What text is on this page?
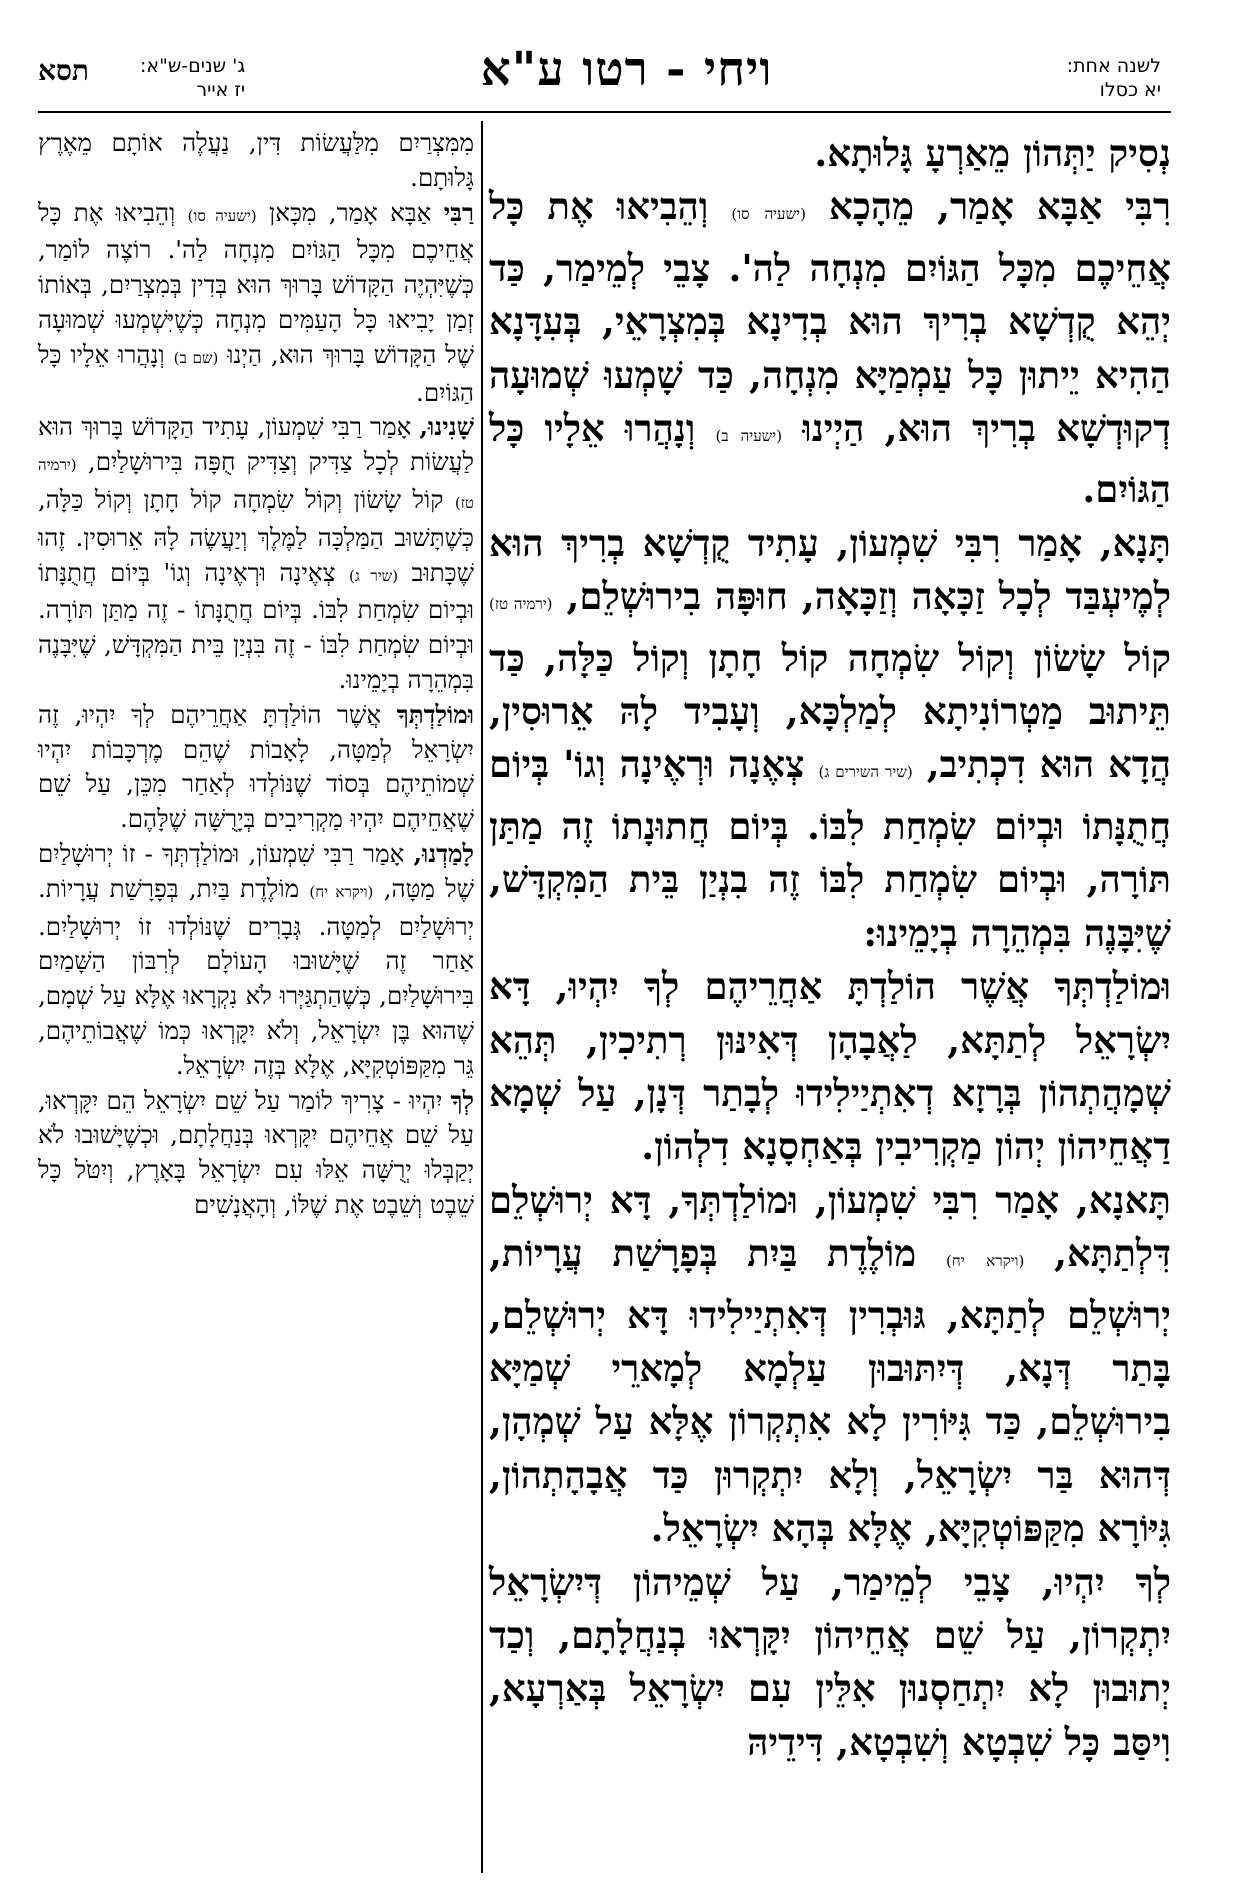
לשנה אחת:
יא כסלו
ויחי - רטו ע"א
ג' שנים-ש"א:
יז אייר
תסא

נְסִיק יַתְּהוֹן מֵאַרְעָ גָּלוּתָא.

רִבִּי אַבָּא אָמַר, מֵהָכָא (ישעיה סו) וְהֵבִיאוּ אֶת כָּל אֲחֵיכֶם מִכָּל הַגּוֹיִם מִנְחָה לַה'. צָבֵי לְמֵימַר, כַּד יְהֵא קֻדְשָׁא בְרִיךְ הוּא בְדִינָא בְּמִצְרָאֵי, בְּעִדָּנָא הַהִיא יֵיתוּן כָּל עַמְמַיָּא מִנְחָה, כַּד שָׁמְעוּ שְׁמוּעָה דְקוּדְשָׁא בְרִיךְ הוּא, הַיְינוּ (ישעיה ב) וְנָהֲרוּ אֵלָיו כָּל הַגּוֹיִם.

תָּנָא, אָמַר רִבִּי שִׁמְעוֹן, עָתִיד קֻדְשָׁא בְרִיךְ הוּא לְמֶיעְבַּד לְכָל זַכָּאָה וְזַכָּאָה, חוּפָּה בִירוּשְׁלֵם, (ירמיה טז) קוֹל שָׂשׂוֹן וְקוֹל שִׂמְחָה קוֹל חָתָן וְקוֹל כַּלָּה, כַּד תֵּיתוּב מַטְרוֹנִיתָא לְמַלְכָּא, וְעָבִיד לָהּ אֵרוּסִין, הֲדָא הוּא דִכְתִיב, (שיר השירים ג) צְאֶנָה וּרְאֶינָה וְגוֹ' בְּיוֹם חֲתֻנָּתוֹ וּבְיוֹם שִׂמְחַת לִבּוֹ. בְּיוֹם חֲתוּנָתוֹ זֶה מַתַּן תּוֹרָה, וּבְיוֹם שִׂמְחַת לִבּוֹ זֶה בִנְיַן בֵּית הַמִּקְדָּשׁ, שֶׁיִּבָּנֶה בִּמְהֵרָה בְיָמֵינוּ:

וּמוֹלַדְתְּךָ אֲשֶׁר הוֹלַדְתָּ אַחֲרֵיהֶם לְךָ יִהְיוּ, דָּא יִשְׂרָאֵל לְתַתָּא, לַאֲבָהָן דְּאִינּוּן רְתִיכִין, תְּהֵא שְׁמָהֲתְהוֹן בְּרָזָא דְאִתְיַילִידוּ לְבָתַר דְּנָן, עַל שְׁמָא דַאֲחֵיהוֹן יְהוֹן מַקְרִיבִין בְּאַחְסָנָא דִלְהוֹן.

תָּאנָא, אָמַר רִבִּי שִׁמְעוֹן, וּמוֹלַדְתְּךָ, דָּא יְרוּשְׁלֵם דִּלְתַתָּא, (ויקרא יח) מוֹלֶדֶת בַּיִת בְּפָרָשַׁת עֲרָיוֹת, יְרוּשְׁלֵם לְתַתָּא, גּוּבְרִין דְּאִתְיַילִידוּ דָּא יְרוּשְׁלֵם, בָּתַר דְּנָא, דְּיִתּוּבוּן עַלְמָא לְמָארֵי שְׁמַיָּא בִירוּשְׁלֵם, כַּד גִּיּוֹרִין לָא אִתְקְרוֹן אֶלָּא עַל שְׁמְהָן, דְּהוּא בַּר יִשְׂרָאֵל, וְלָא יִתְקְרוּן כַּד אֲבָהָתְהוֹן, גִּיּוֹרָא מִקַּפּוֹטְקִיָּא, אֶלָּא בְּהָא יִשְׂרָאֵל.

לְךָ יִהְיוּ, צָבֵי לְמֵימַר, עַל שְׁמֵיהוֹן דְּיִשְׂרָאֵל יִתְקְרוֹן, עַל שֵׁם אֲחֵיהוֹן יִקָּרְאוּ בְנַחֲלָתָם, וְכַד יְתוּבוּן לָא יִתְחַסְנוּן אִלֵּין עִם יִשְׂרָאֵל בְּאַרְעָא, וִיסַּב כָּל שִׁבְטָא וְשִׁבְטָא, דִּידֵיהּ

מִמִּצְרַיִם מִלַּעֲשׂוֹת דִּין, נַעֲלֶה אוֹתָם מֵאֶרֶץ גָּלוּתָם.

רַבִּי אַבָּא אָמַר, מִכָּאן (ישעיה סו) וְהֵבִיאוּ אֶת כָּל אֲחֵיכֶם מִכָּל הַגּוֹיִם מִנְחָה לַה'. רוֹצֶה לוֹמַר, כְּשֶׁיִּהְיֶה הַקָּדוֹשׁ בָּרוּךְ הוּא בְּדִין בְּמִצְרַיִם, בְּאוֹתוֹ זְמַן יָבִיאוּ כָּל הָעַמִּים מִנְחָה כְּשֶׁיִּשְׁמְעוּ שְׁמוּעָה שֶׁל הַקָּדוֹשׁ בָּרוּךְ הוּא, הַיְנוּ (שם ב) וְנָהֲרוּ אֵלָיו כָּל הַגּוֹיִם.

שָׁנִינוּ, אָמַר רַבִּי שִׁמְעוֹן, עָתִיד הַקָּדוֹשׁ בָּרוּךְ הוּא לַעֲשׂוֹת לְכָל צַדִּיק וְצַדִּיק חֻפָּה בִּירוּשָׁלַיִם, (ירמיה טז) קוֹל שָׂשׂוֹן וְקוֹל שִׂמְחָה קוֹל חָתָן וְקוֹל כַּלָּה, כְּשֶׁתָּשׁוּב הַמַּלְכָּה לַמֶּלֶךְ וְיַעֲשֶׂה לָהּ אֵרוּסִין. זֶהוּ שֶׁכָּתוּב (שיר ג) צְאֶינָה וּרְאֶינָה וְגוֹ' בְּיוֹם חֲתֻנָּתוֹ וּבְיוֹם שִׂמְחַת לִבּוֹ. בְּיוֹם חֲתֻנָּתוֹ - זֶה מַתַּן תּוֹרָה. וּבְיוֹם שִׂמְחַת לִבּוֹ - זֶה בִּנְיַן בֵּית הַמִּקְדָּשׁ, שֶׁיִּבָּנֶה בִּמְהֵרָה בְיָמֵינוּ.

וּמוֹלַדְתְּךָ אֲשֶׁר הוֹלַדְתָּ אַחֲרֵיהֶם לְךָ יִהְיוּ, זֶה יִשְׂרָאֵל לְמַטָּה, לָאָבוֹת שֶׁהֵם מֶרְכָּבוֹת יִהְיוּ שְׁמוֹתֵיהֶם בְּסוֹד שֶׁנּוֹלְדוּ לְאַחַר מִכֵּן, עַל שֵׁם שֶׁאֲחֵיהֶם יִהְיוּ מַקְרִיבִים בְּיָרֻשָּׁה שֶׁלָּהֶם.

לָמַדְנוּ, אָמַר רַבִּי שִׁמְעוֹן, וּמוֹלַדְתְּךָ - זוֹ יְרוּשָׁלַיִם שֶׁל מַטָּה, (ויקרא יח) מוֹלֶדֶת בַּיִת, בְּפָרָשַׁת עֲרָיוֹת. יְרוּשָׁלַיִם לְמַטָּה. גְּבָרִים שֶׁנּוֹלְדוּ זוֹ יְרוּשָׁלַיִם. אַחַר זֶה שֶׁיָּשׁוּבוּ הָעוֹלָם לְרִבּוֹן הַשָּׁמַיִם בִּירוּשָׁלַיִם, כְּשֶׁהַתְגַּיְּרוּ לֹא נִקְרָאוּ אֶלָּא עַל שְׁמָם, שֶׁהוּא בֶּן יִשְׂרָאֵל, וְלֹא יִקָּרְאוּ כְּמוֹ שֶׁאֲבוֹתֵיהֶם, גֵּר מִקַּפּוֹטְקִיָּא, אֶלָּא בְּזֶה יִשְׂרָאֵל.

לְךָ יִהְיוּ - צָרִיךְ לוֹמַר עַל שֵׁם יִשְׂרָאֵל הֵם יִקָּרְאוּ, עַל שֵׁם אֲחֵיהֶם יִקָּרְאוּ בְּנַחֲלָתָם, וּכְשֶׁיָּשׁוּבוּ לֹא יְקַבְּלוּ יְרֻשָּׁה אֵלּוּ עִם יִשְׂרָאֵל בָּאָרֶץ, וְיִטֹּל כָּל שֵׁבֶט וְשֵׁבֶט אֶת שֶׁלּוֹ, וְהָאֲנָשִׁים
